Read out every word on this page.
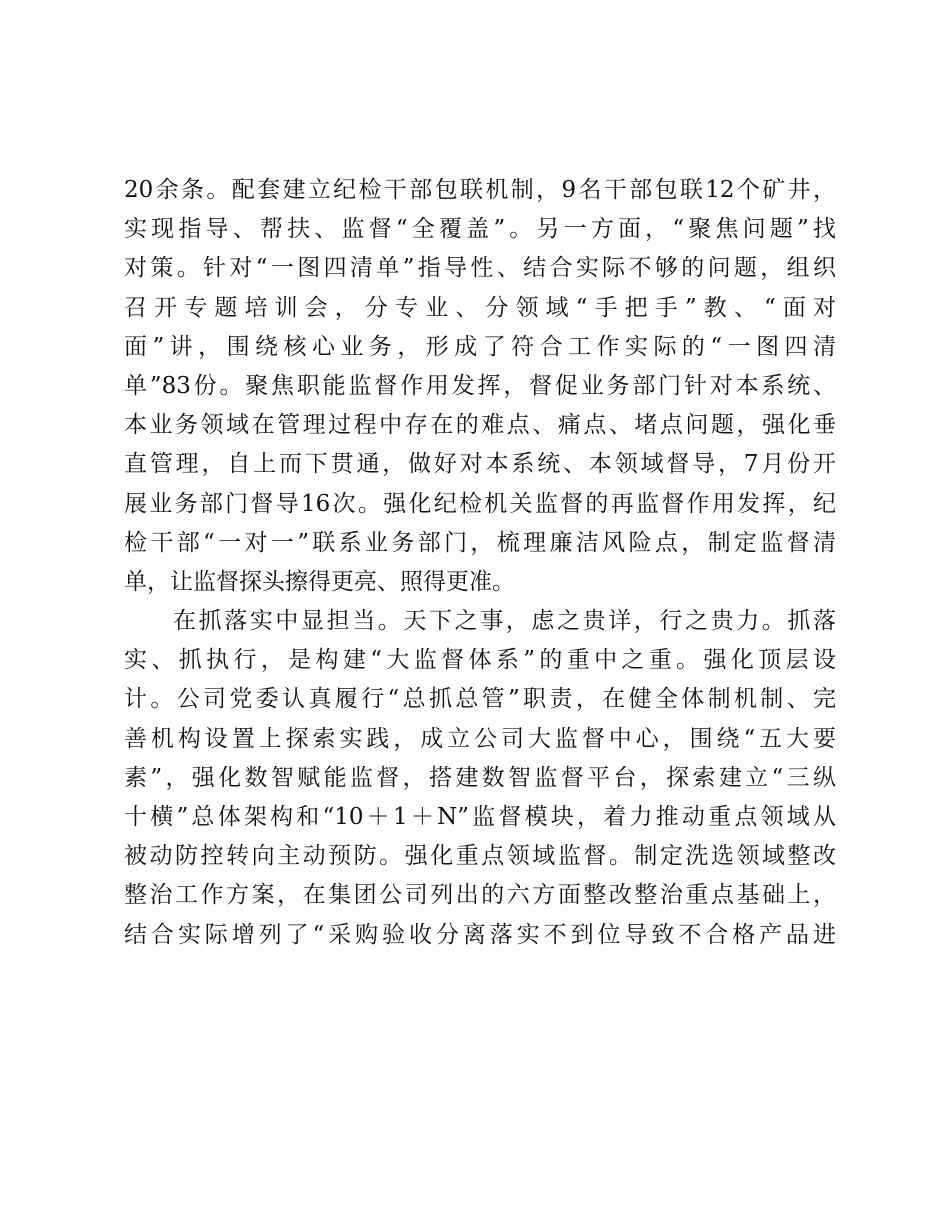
20余条。配套建立纪检干部包联机制，9名干部包联12个矿井，
实现指导、帮扶、监督“全覆盖”。另一方面，“聚焦问题”找
对策。针对“一图四清单”指导性、结合实际不够的问题，组织
召开专题培训会，分专业、分领域“手把手”教、“面对
面”讲，围绕核心业务，形成了符合工作实际的“一图四清
单”83份。聚焦职能监督作用发挥，督促业务部门针对本系统、
本业务领域在管理过程中存在的难点、痛点、堵点问题，强化垂
直管理，自上而下贯通，做好对本系统、本领域督导，7月份开
展业务部门督导16次。强化纪检机关监督的再监督作用发挥，纪
检干部“一对一”联系业务部门，梳理廉洁风险点，制定监督清
单，让监督探头擦得更亮、照得更准。
在抓落实中显担当。天下之事，虑之贵详，行之贵力。抓落
实、抓执行，是构建“大监督体系”的重中之重。强化顶层设
计。公司党委认真履行“总抓总管”职责，在健全体制机制、完
善机构设置上探索实践，成立公司大监督中心，围绕“五大要
素”，强化数智赋能监督，搭建数智监督平台，探索建立“三纵
十横”总体架构和“10＋1＋N”监督模块，着力推动重点领域从
被动防控转向主动预防。强化重点领域监督。制定洗选领域整改
整治工作方案，在集团公司列出的六方面整改整治重点基础上，
结合实际增列了“采购验收分离落实不到位导致不合格产品进
